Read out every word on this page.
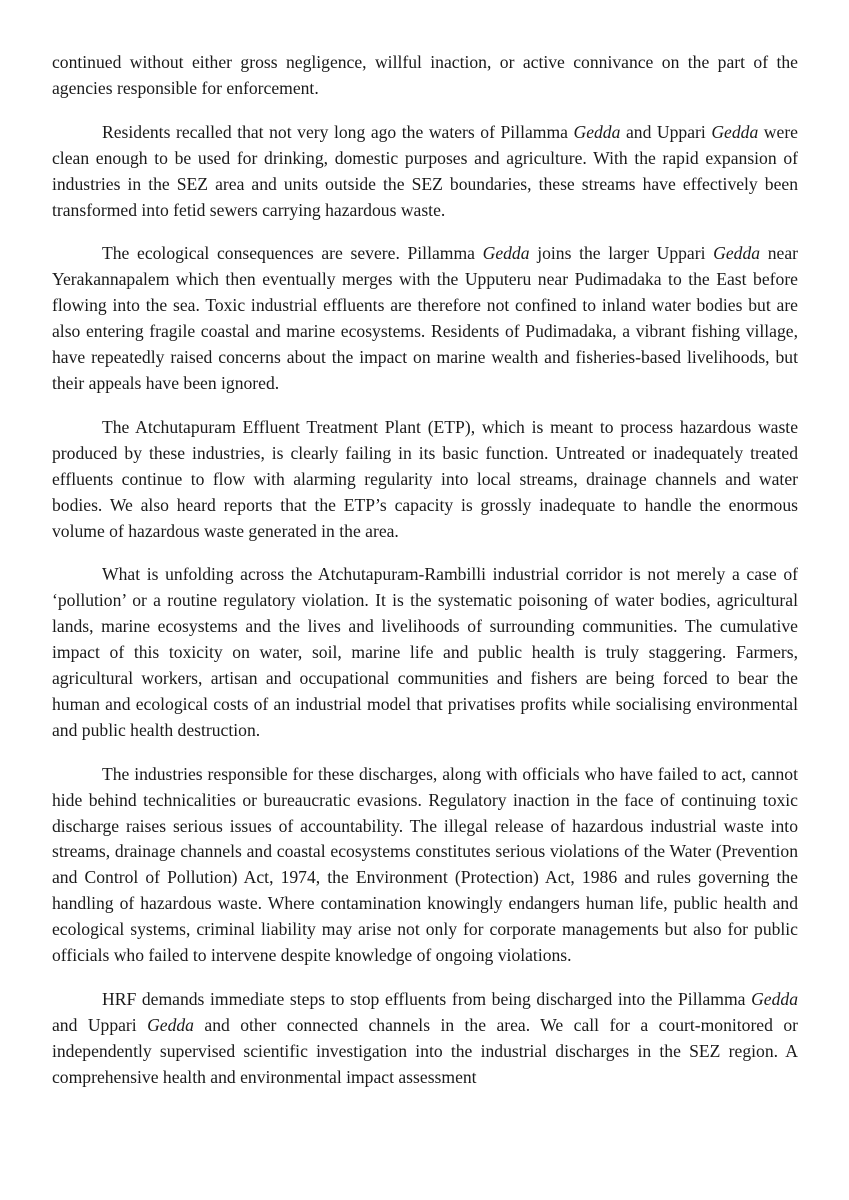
continued without either gross negligence, willful inaction, or active connivance on the part of the agencies responsible for enforcement.

Residents recalled that not very long ago the waters of Pillamma Gedda and Uppari Gedda were clean enough to be used for drinking, domestic purposes and agriculture. With the rapid expansion of industries in the SEZ area and units outside the SEZ boundaries, these streams have effectively been transformed into fetid sewers carrying hazardous waste.

The ecological consequences are severe. Pillamma Gedda joins the larger Uppari Gedda near Yerakannapalem which then eventually merges with the Upputeru near Pudimadaka to the East before flowing into the sea. Toxic industrial effluents are therefore not confined to inland water bodies but are also entering fragile coastal and marine ecosystems. Residents of Pudimadaka, a vibrant fishing village, have repeatedly raised concerns about the impact on marine wealth and fisheries-based livelihoods, but their appeals have been ignored.

The Atchutapuram Effluent Treatment Plant (ETP), which is meant to process hazardous waste produced by these industries, is clearly failing in its basic function. Untreated or inadequately treated effluents continue to flow with alarming regularity into local streams, drainage channels and water bodies. We also heard reports that the ETP’s capacity is grossly inadequate to handle the enormous volume of hazardous waste generated in the area.

What is unfolding across the Atchutapuram-Rambilli industrial corridor is not merely a case of ‘pollution’ or a routine regulatory violation. It is the systematic poisoning of water bodies, agricultural lands, marine ecosystems and the lives and livelihoods of surrounding communities. The cumulative impact of this toxicity on water, soil, marine life and public health is truly staggering. Farmers, agricultural workers, artisan and occupational communities and fishers are being forced to bear the human and ecological costs of an industrial model that privatises profits while socialising environmental and public health destruction.

The industries responsible for these discharges, along with officials who have failed to act, cannot hide behind technicalities or bureaucratic evasions. Regulatory inaction in the face of continuing toxic discharge raises serious issues of accountability. The illegal release of hazardous industrial waste into streams, drainage channels and coastal ecosystems constitutes serious violations of the Water (Prevention and Control of Pollution) Act, 1974, the Environment (Protection) Act, 1986 and rules governing the handling of hazardous waste. Where contamination knowingly endangers human life, public health and ecological systems, criminal liability may arise not only for corporate managements but also for public officials who failed to intervene despite knowledge of ongoing violations.

HRF demands immediate steps to stop effluents from being discharged into the Pillamma Gedda and Uppari Gedda and other connected channels in the area. We call for a court-monitored or independently supervised scientific investigation into the industrial discharges in the SEZ region. A comprehensive health and environmental impact assessment
